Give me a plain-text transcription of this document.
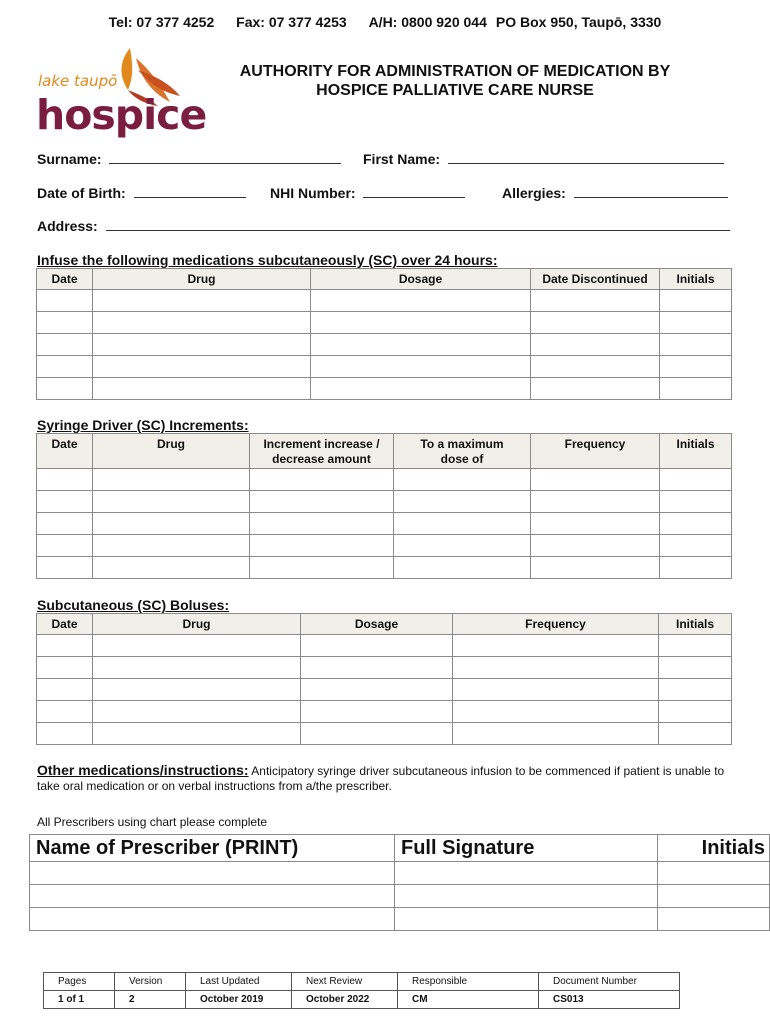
Tel: 07 377 4252 Fax: 07 377 4253 A/H: 0800 920 044 PO Box 950, Taupō, 3330
lake taupō
hospice
AUTHORITY FOR ADMINISTRATION OF MEDICATION BY
HOSPICE PALLIATIVE CARE NURSE
Surname:	First Name:
Date of Birth:	NHI Number:	Allergies:
Address:
Infuse the following medications subcutaneously (SC) over 24 hours:
Date	Drug	Dosage	Date Discontinued	Initials

Syringe Driver (SC) Increments:
Date	Drug	Increment increase / decrease amount	To a maximum dose of	Frequency	Initials

Subcutaneous (SC) Boluses:
Date	Drug	Dosage	Frequency	Initials

Other medications/instructions: Anticipatory syringe driver subcutaneous infusion to be commenced if patient is unable to take oral medication or on verbal instructions from a/the prescriber.
All Prescribers using chart please complete
Name of Prescriber (PRINT)	Full Signature	Initials

Pages	Version	Last Updated	Next Review	Responsible	Document Number
1 of 1	2	October 2019	October 2022	CM	CS013
